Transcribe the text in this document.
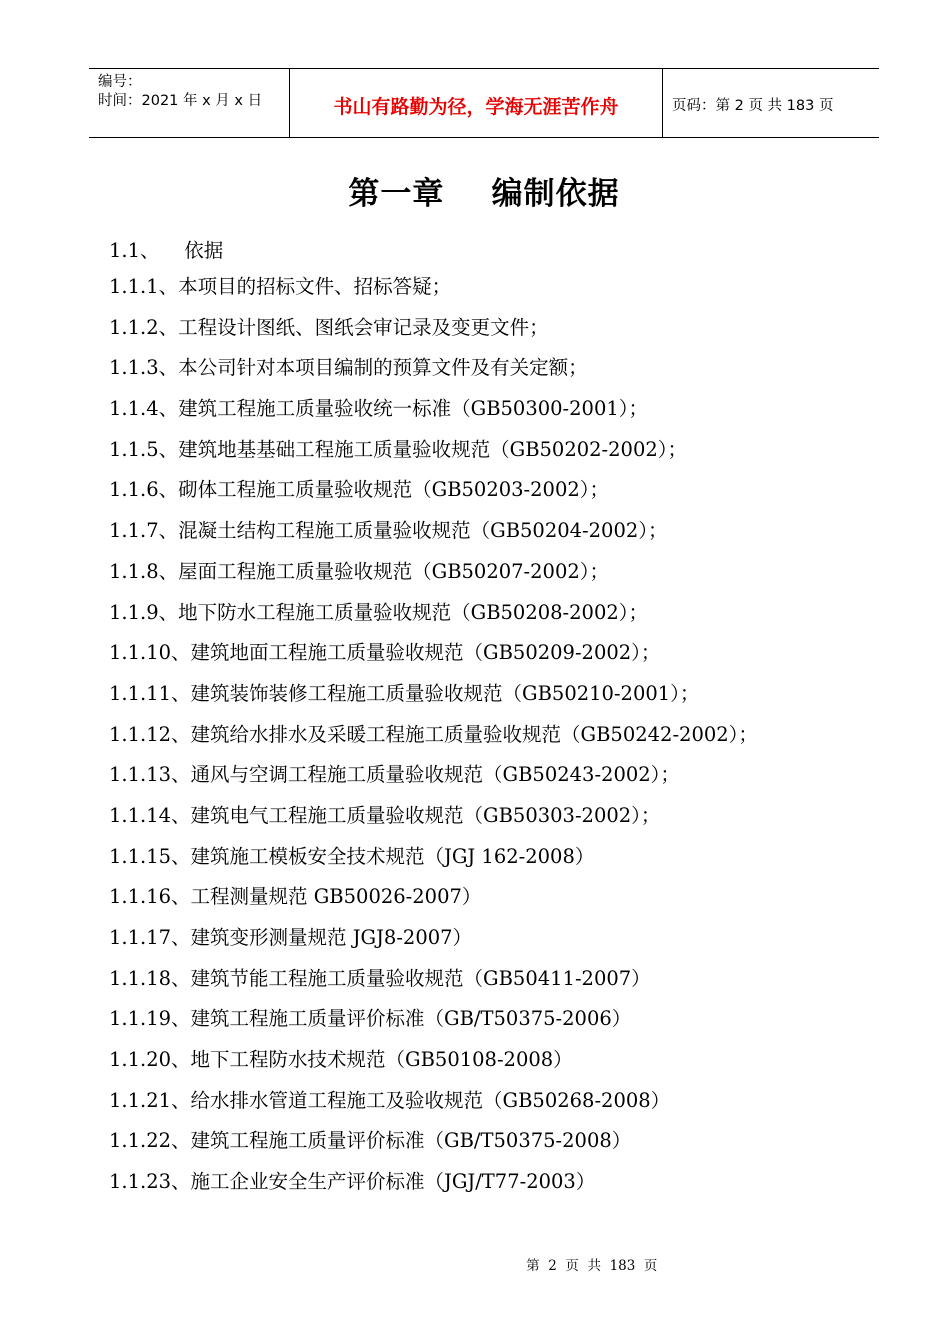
编号：
时间：2021 年 x 月 x 日	书山有路勤为径，学海无涯苦作舟	页码：第 2 页 共 183 页
第一章    编制依据
1.1、    依据
1.1.1、本项目的招标文件、招标答疑；
1.1.2、工程设计图纸、图纸会审记录及变更文件；
1.1.3、本公司针对本项目编制的预算文件及有关定额；
1.1.4、建筑工程施工质量验收统一标准（GB50300-2001）；
1.1.5、建筑地基基础工程施工质量验收规范（GB50202-2002）；
1.1.6、砌体工程施工质量验收规范（GB50203-2002）；
1.1.7、混凝土结构工程施工质量验收规范（GB50204-2002）；
1.1.8、屋面工程施工质量验收规范（GB50207-2002）；
1.1.9、地下防水工程施工质量验收规范（GB50208-2002）；
1.1.10、建筑地面工程施工质量验收规范（GB50209-2002）；
1.1.11、建筑装饰装修工程施工质量验收规范（GB50210-2001）；
1.1.12、建筑给水排水及采暖工程施工质量验收规范（GB50242-2002）；
1.1.13、通风与空调工程施工质量验收规范（GB50243-2002）；
1.1.14、建筑电气工程施工质量验收规范（GB50303-2002）；
1.1.15、建筑施工模板安全技术规范（JGJ 162-2008）
1.1.16、工程测量规范 GB50026-2007）
1.1.17、建筑变形测量规范 JGJ8-2007）
1.1.18、建筑节能工程施工质量验收规范（GB50411-2007）
1.1.19、建筑工程施工质量评价标准（GB/T50375-2006）
1.1.20、地下工程防水技术规范（GB50108-2008）
1.1.21、给水排水管道工程施工及验收规范（GB50268-2008）
1.1.22、建筑工程施工质量评价标准（GB/T50375-2008）
1.1.23、施工企业安全生产评价标准（JGJ/T77-2003）

第  2  页  共  183  页
